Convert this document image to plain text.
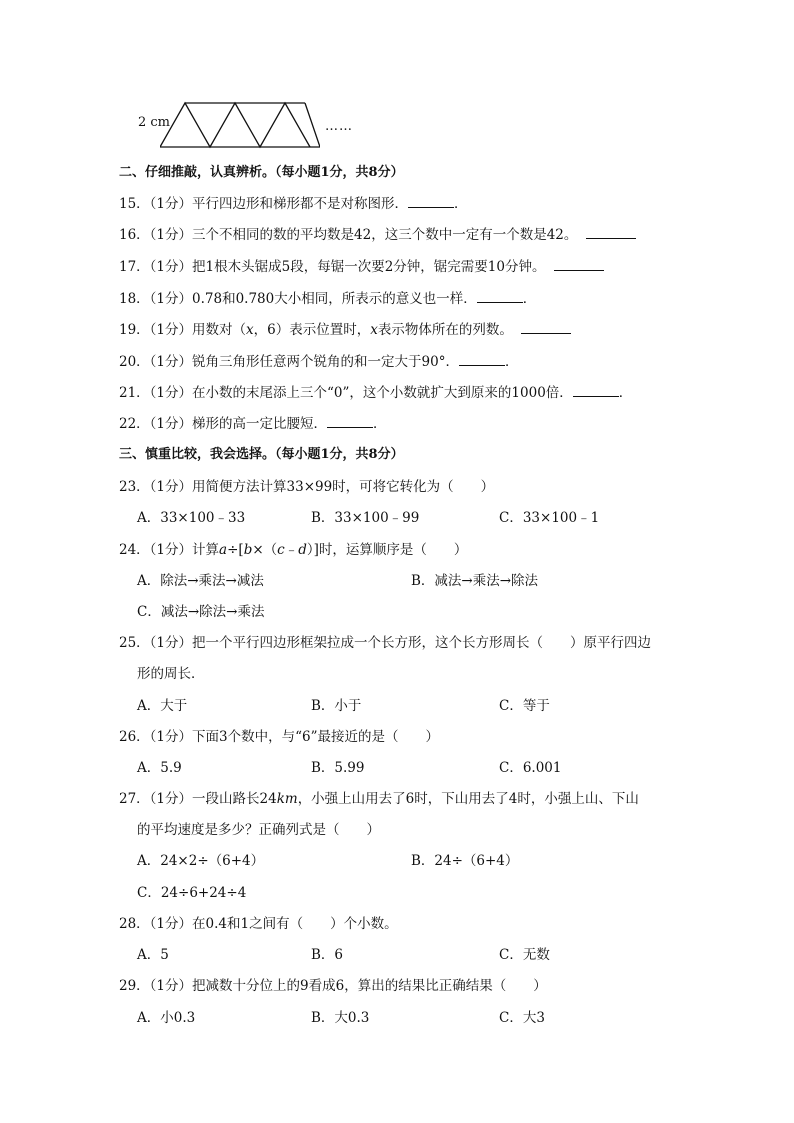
2 cm	……
二、仔细推敲，认真辨析。（每小题1分，共8分）
15．（1分）平行四边形和梯形都不是对称图形．	．
16．（1分）三个不相同的数的平均数是42，这三个数中一定有一个数是42。
17．（1分）把1根木头锯成5段，每锯一次要2分钟，锯完需要10分钟。
18．（1分）0.78和0.780大小相同，所表示的意义也一样．	．
19．（1分）用数对（x，6）表示位置时，x表示物体所在的列数。
20．（1分）锐角三角形任意两个锐角的和一定大于90°．	．
21．（1分）在小数的末尾添上三个“0”，这个小数就扩大到原来的1000倍．	．
22．（1分）梯形的高一定比腰短．	．
三、慎重比较，我会选择。（每小题1分，共8分）
23．（1分）用简便方法计算33×99时，可将它转化为（　　）
A．33×100﹣33	B．33×100﹣99	C．33×100﹣1
24．（1分）计算a÷[b×（c﹣d）]时，运算顺序是（　　）
A．除法→乘法→减法	B．减法→乘法→除法
C．减法→除法→乘法
25．（1分）把一个平行四边形框架拉成一个长方形，这个长方形周长（　　）原平行四边
形的周长．
A．大于	B．小于	C．等于
26．（1分）下面3个数中，与“6”最接近的是（　　）
A．5.9	B．5.99	C．6.001
27．（1分）一段山路长24km，小强上山用去了6时，下山用去了4时，小强上山、下山
的平均速度是多少？正确列式是（　　）
A．24×2÷（6+4）	B．24÷（6+4）
C．24÷6+24÷4
28．（1分）在0.4和1之间有（　　）个小数。
A．5	B．6	C．无数
29．（1分）把减数十分位上的9看成6，算出的结果比正确结果（　　）
A．小0.3	B．大0.3	C．大3
